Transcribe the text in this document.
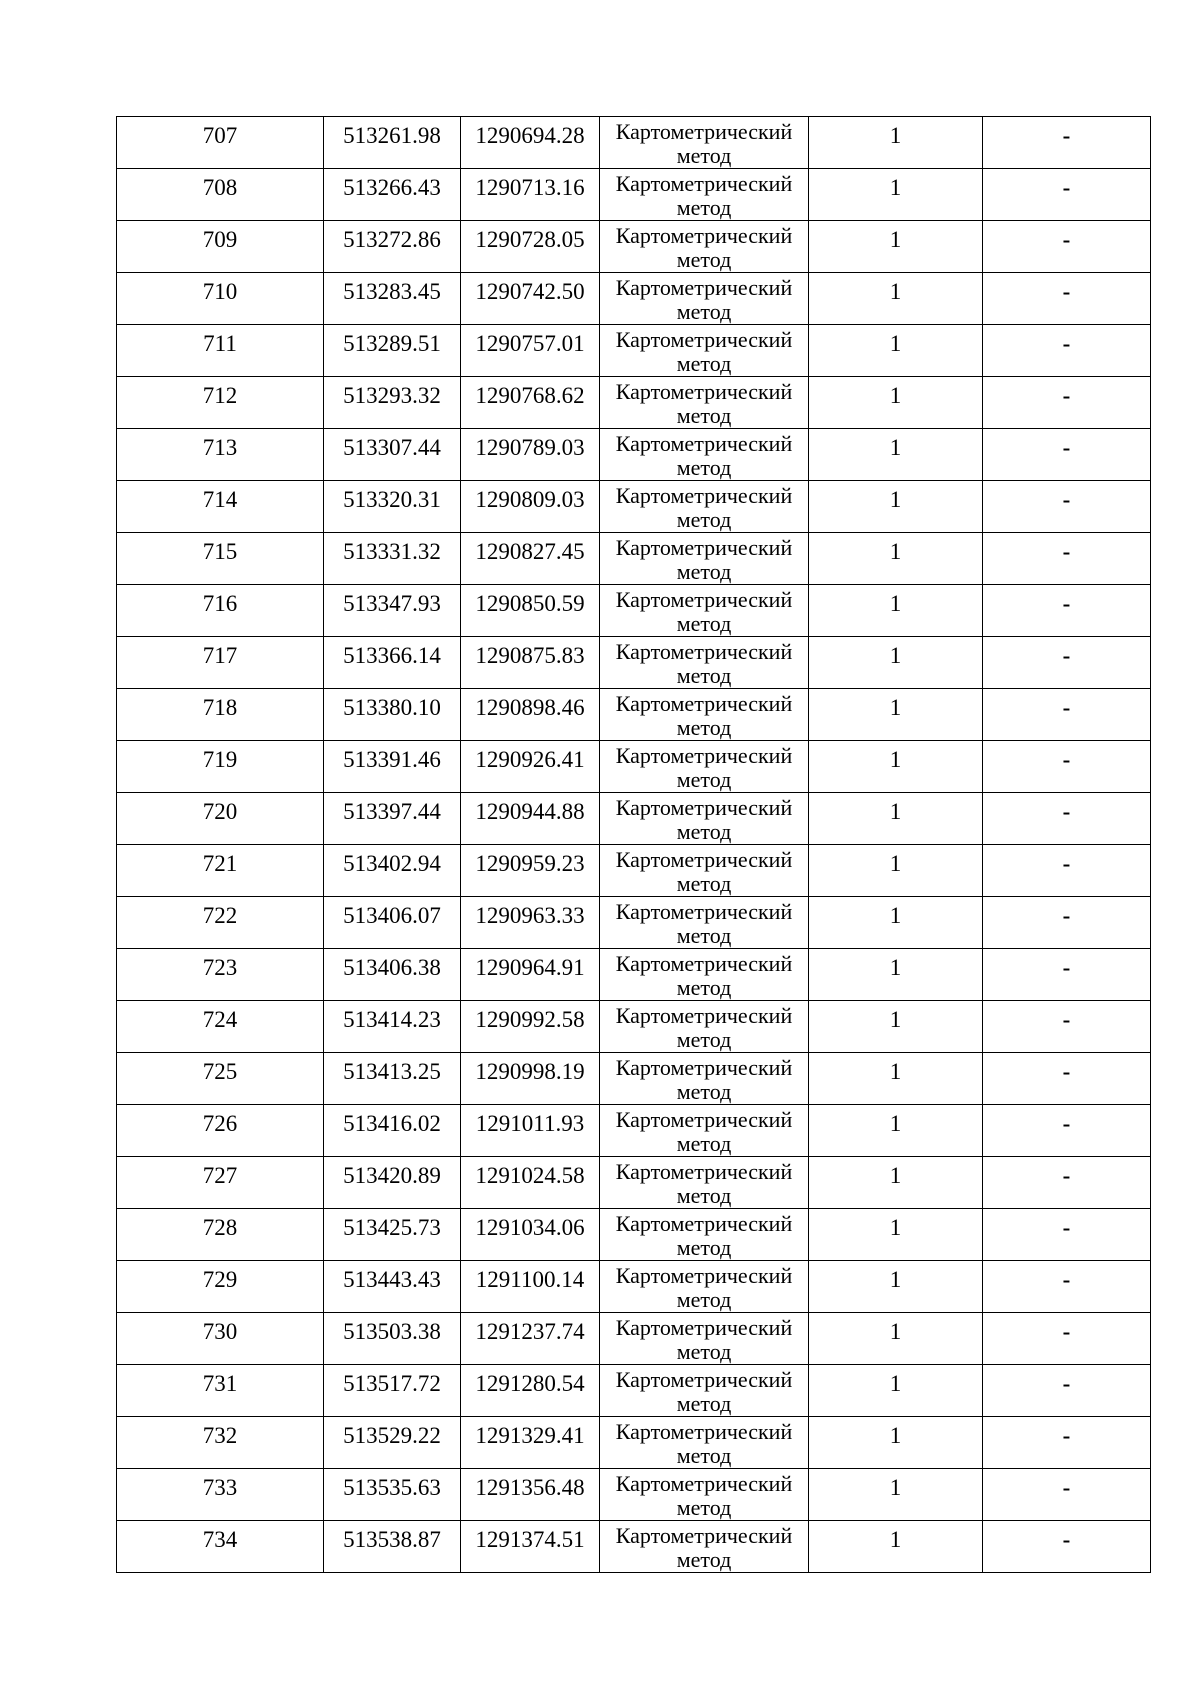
707	513261.98	1290694.28	Картометрический метод	1	-
708	513266.43	1290713.16	Картометрический метод	1	-
709	513272.86	1290728.05	Картометрический метод	1	-
710	513283.45	1290742.50	Картометрический метод	1	-
711	513289.51	1290757.01	Картометрический метод	1	-
712	513293.32	1290768.62	Картометрический метод	1	-
713	513307.44	1290789.03	Картометрический метод	1	-
714	513320.31	1290809.03	Картометрический метод	1	-
715	513331.32	1290827.45	Картометрический метод	1	-
716	513347.93	1290850.59	Картометрический метод	1	-
717	513366.14	1290875.83	Картометрический метод	1	-
718	513380.10	1290898.46	Картометрический метод	1	-
719	513391.46	1290926.41	Картометрический метод	1	-
720	513397.44	1290944.88	Картометрический метод	1	-
721	513402.94	1290959.23	Картометрический метод	1	-
722	513406.07	1290963.33	Картометрический метод	1	-
723	513406.38	1290964.91	Картометрический метод	1	-
724	513414.23	1290992.58	Картометрический метод	1	-
725	513413.25	1290998.19	Картометрический метод	1	-
726	513416.02	1291011.93	Картометрический метод	1	-
727	513420.89	1291024.58	Картометрический метод	1	-
728	513425.73	1291034.06	Картометрический метод	1	-
729	513443.43	1291100.14	Картометрический метод	1	-
730	513503.38	1291237.74	Картометрический метод	1	-
731	513517.72	1291280.54	Картометрический метод	1	-
732	513529.22	1291329.41	Картометрический метод	1	-
733	513535.63	1291356.48	Картометрический метод	1	-
734	513538.87	1291374.51	Картометрический метод	1	-
